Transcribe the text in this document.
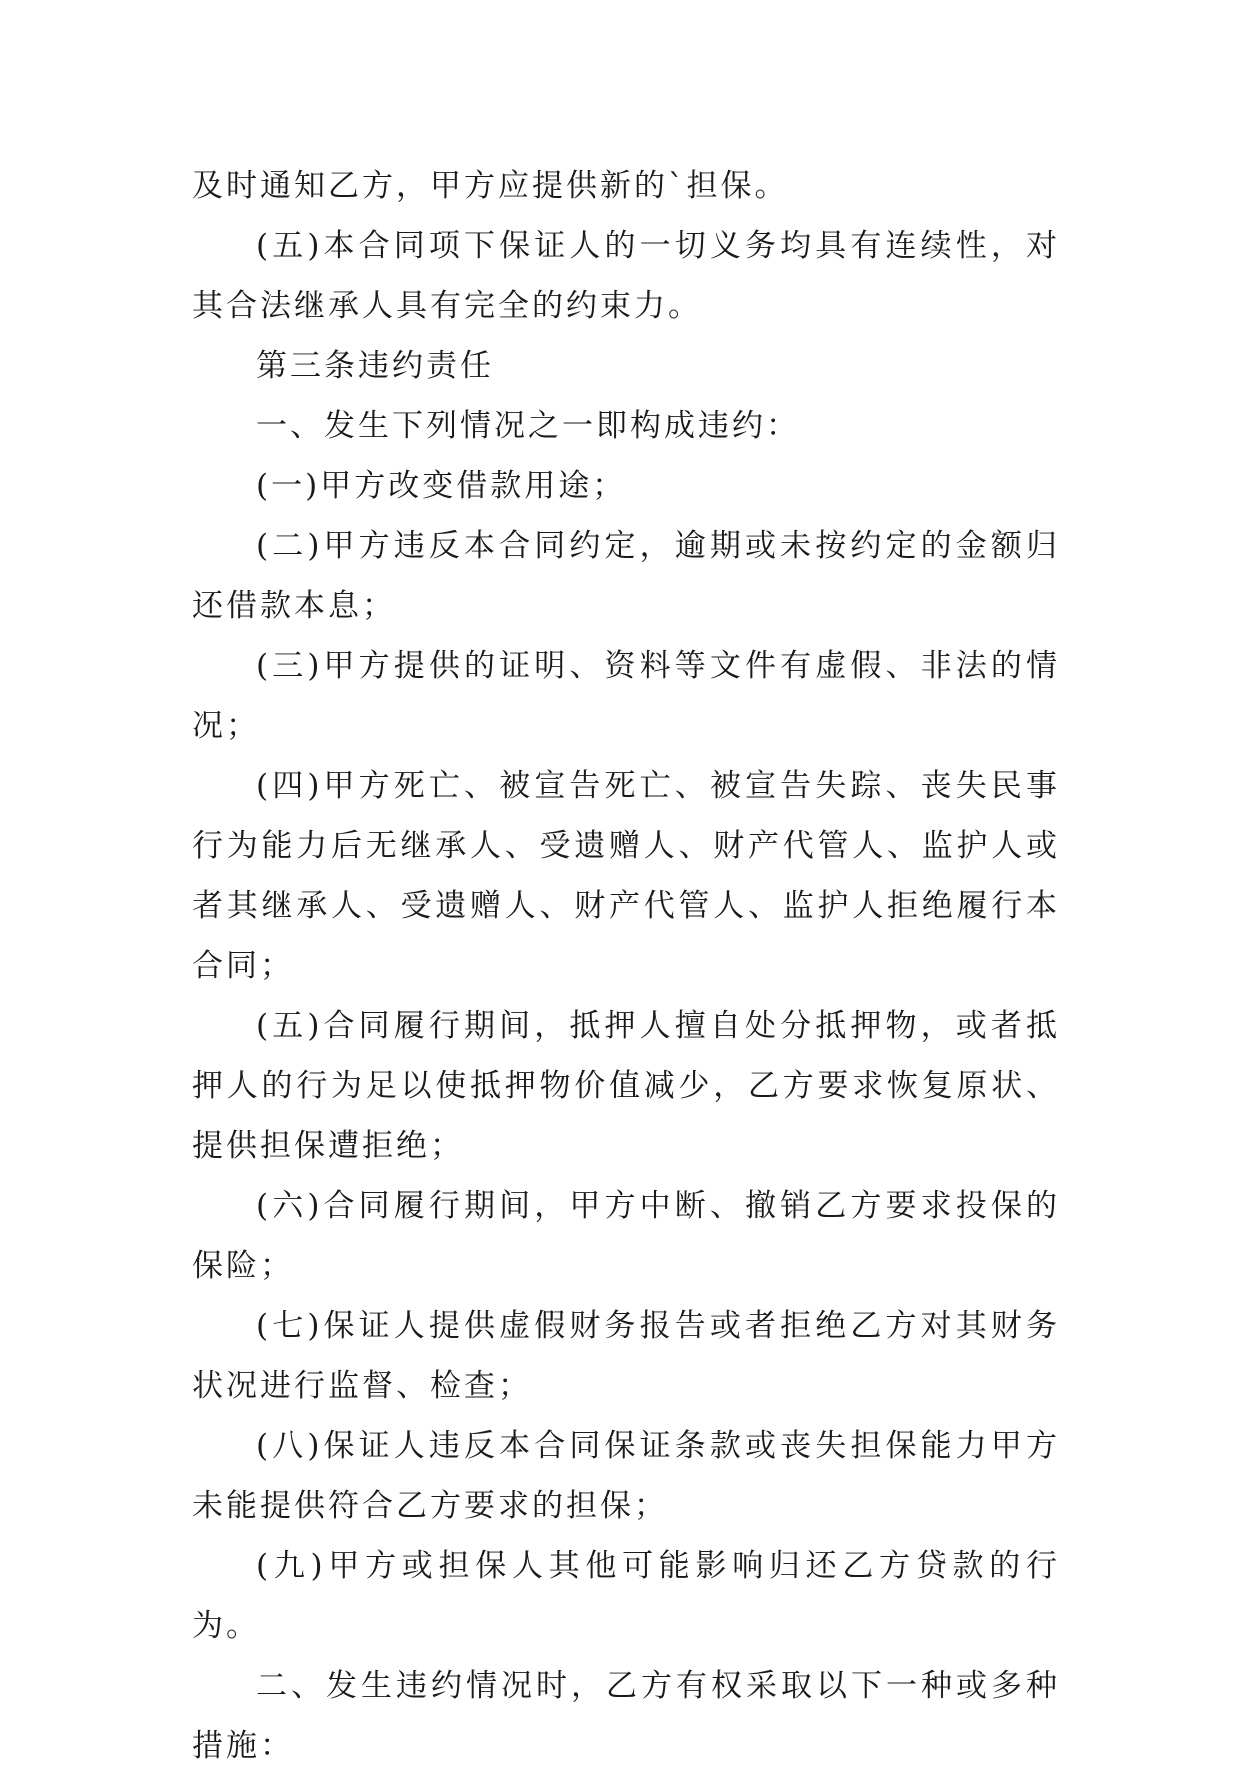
及时通知乙方，甲方应提供新的`担保。

(五)本合同项下保证人的一切义务均具有连续性，对其合法继承人具有完全的约束力。

第三条违约责任

一、发生下列情况之一即构成违约：

(一)甲方改变借款用途；

(二)甲方违反本合同约定，逾期或未按约定的金额归还借款本息；

(三)甲方提供的证明、资料等文件有虚假、非法的情况；

(四)甲方死亡、被宣告死亡、被宣告失踪、丧失民事行为能力后无继承人、受遗赠人、财产代管人、监护人或者其继承人、受遗赠人、财产代管人、监护人拒绝履行本合同；

(五)合同履行期间，抵押人擅自处分抵押物，或者抵押人的行为足以使抵押物价值减少，乙方要求恢复原状、提供担保遭拒绝；

(六)合同履行期间，甲方中断、撤销乙方要求投保的保险；

(七)保证人提供虚假财务报告或者拒绝乙方对其财务状况进行监督、检查；

(八)保证人违反本合同保证条款或丧失担保能力甲方未能提供符合乙方要求的担保；

(九)甲方或担保人其他可能影响归还乙方贷款的行为。

二、发生违约情况时，乙方有权采取以下一种或多种措施：
